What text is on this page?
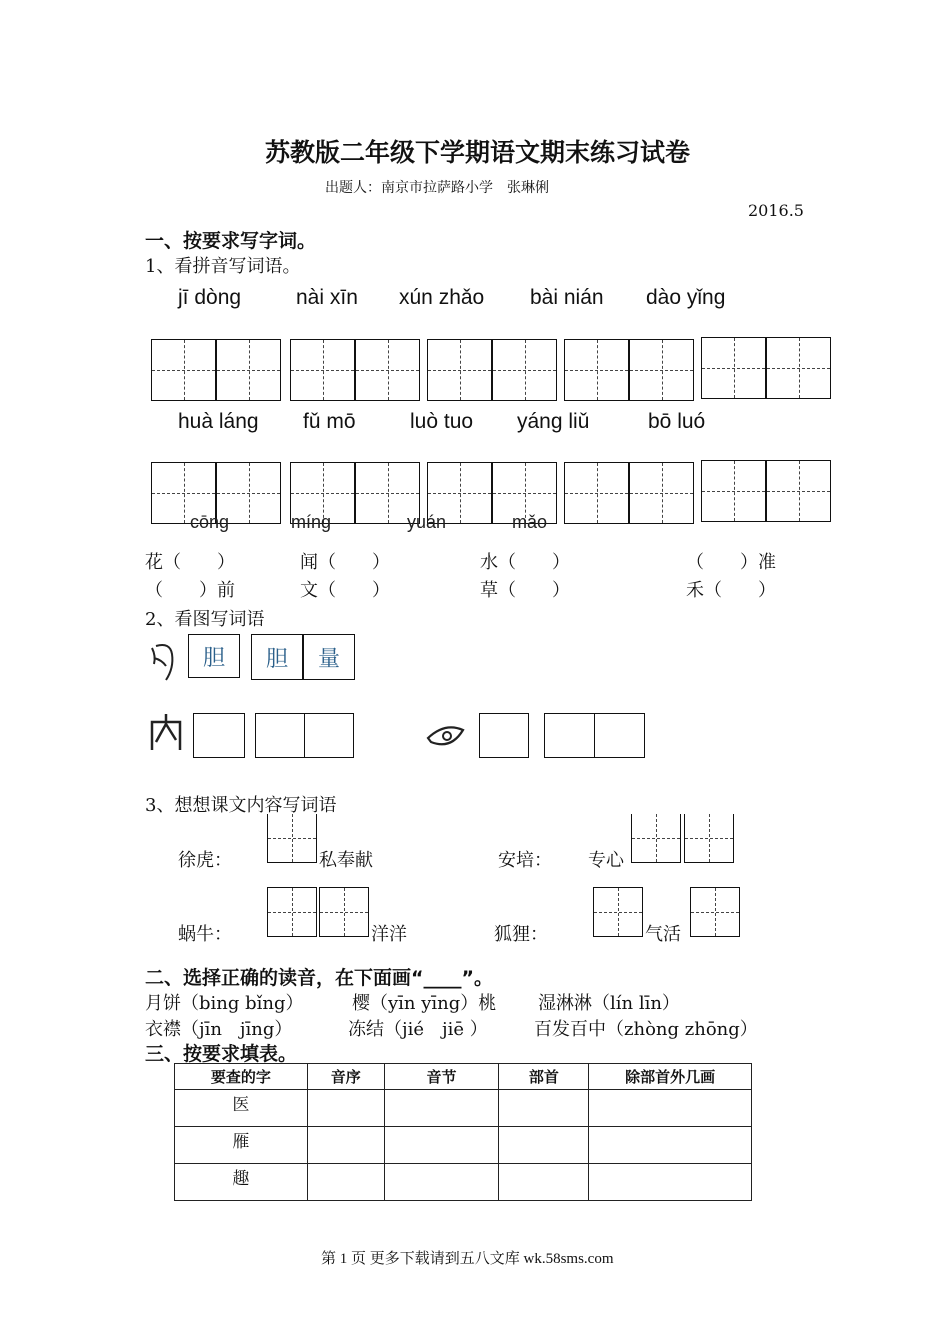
苏教版二年级下学期语文期末练习试卷
出题人：南京市拉萨路小学　张琳俐
2016.5
一、按要求写字词。
1、看拼音写词语。
jī dòng	nài xīn xún zhǎo bài nián dào yǐng
huà láng fǔ mō	luò tuo yáng liǔ	bō luó
cōng	míng	yuán	mǎo
花（　　）	闻（　　）	水（　　）	（　　）准
（　　）前	文（　　）	草（　　）	禾（　　）
2、看图写词语
胆	胆	量
3、想想课文内容写词语
徐虎：	私奉献	安培： 专心
蜗牛：	洋洋	狐狸：	气活
二、选择正确的读音，在下面画“____”。
月饼（bing bǐng）	樱（yīn yīng）桃 湿淋淋（lín līn）
衣襟（jīn　jīng）	冻结（jié　jiē ）	百发百中（zhòng zhōng）
三、按要求填表。
要查的字	音序	音节	部首	除部首外几画
医				
雁				
趣				
第 1 页 更多下载请到五八文库 wk.58sms.com
